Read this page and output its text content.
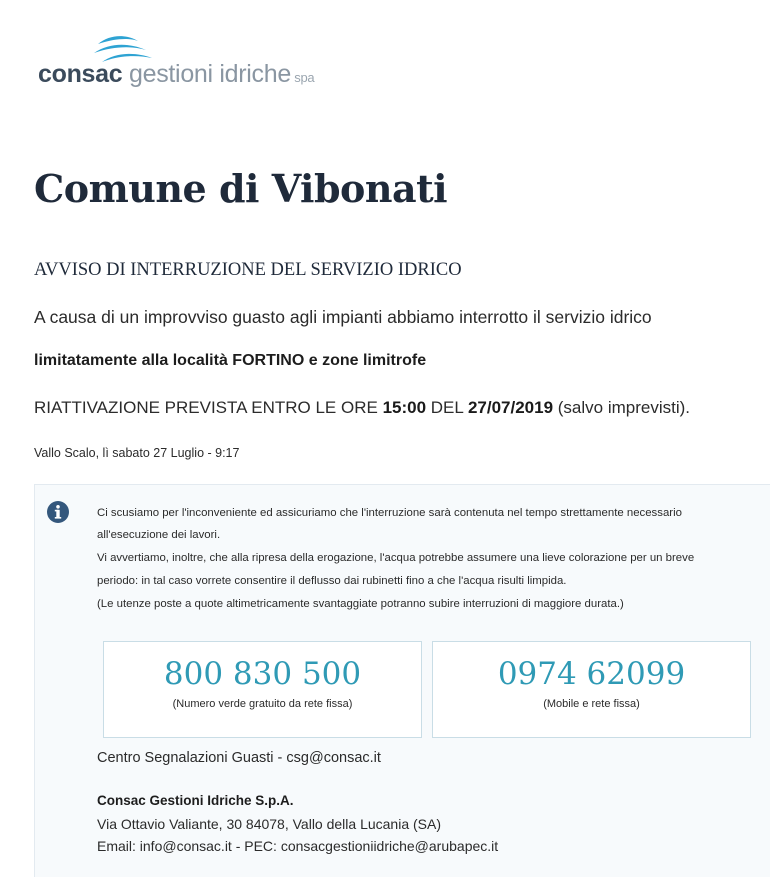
consac gestioni idriche spa
Comune di Vibonati
AVVISO DI INTERRUZIONE DEL SERVIZIO IDRICO
A causa di un improvviso guasto agli impianti abbiamo interrotto il servizio idrico
limitatamente alla località FORTINO e zone limitrofe
RIATTIVAZIONE PREVISTA ENTRO LE ORE 15:00 DEL 27/07/2019 (salvo imprevisti).
Vallo Scalo, lì sabato 27 Luglio - 9:17
Ci scusiamo per l'inconveniente ed assicuriamo che l'interruzione sarà contenuta nel tempo strettamente necessario
all'esecuzione dei lavori.
Vi avvertiamo, inoltre, che alla ripresa della erogazione, l'acqua potrebbe assumere una lieve colorazione per un breve
periodo: in tal caso vorrete consentire il deflusso dai rubinetti fino a che l'acqua risulti limpida.
(Le utenze poste a quote altimetricamente svantaggiate potranno subire interruzioni di maggiore durata.)
800 830 500
(Numero verde gratuito da rete fissa)
0974 62099
(Mobile e rete fissa)
Centro Segnalazioni Guasti - csg@consac.it
Consac Gestioni Idriche S.p.A.
Via Ottavio Valiante, 30 84078, Vallo della Lucania (SA)
Email: info@consac.it - PEC: consacgestioniidriche@arubapec.it
